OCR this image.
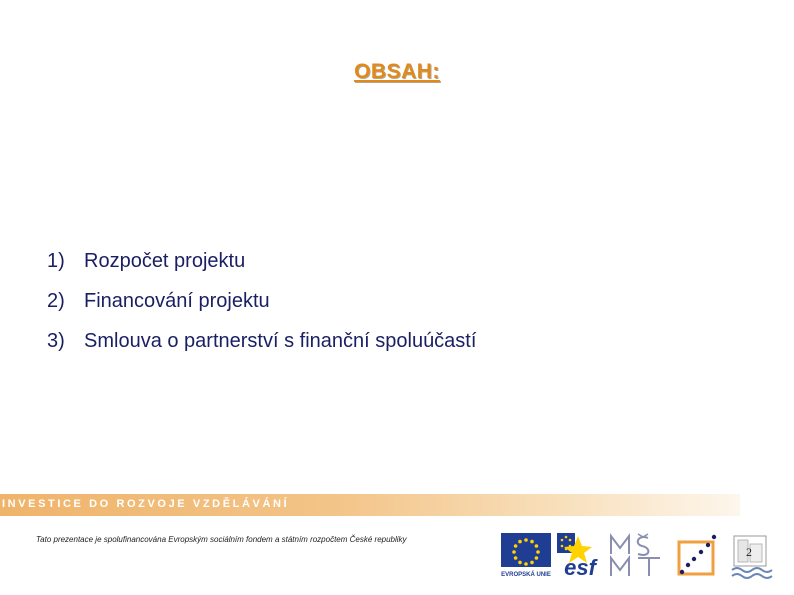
OBSAH:
1) Rozpočet projektu
2) Financování projektu
3) Smlouva o partnerství s finanční spoluúčastí
INVESTICE DO ROZVOJE VZDĚLÁVÁNÍ
Tato prezentace je spolufinancována Evropským sociálním fondem a státním rozpočtem České republiky
EVROPSKÁ UNIE esf
2
